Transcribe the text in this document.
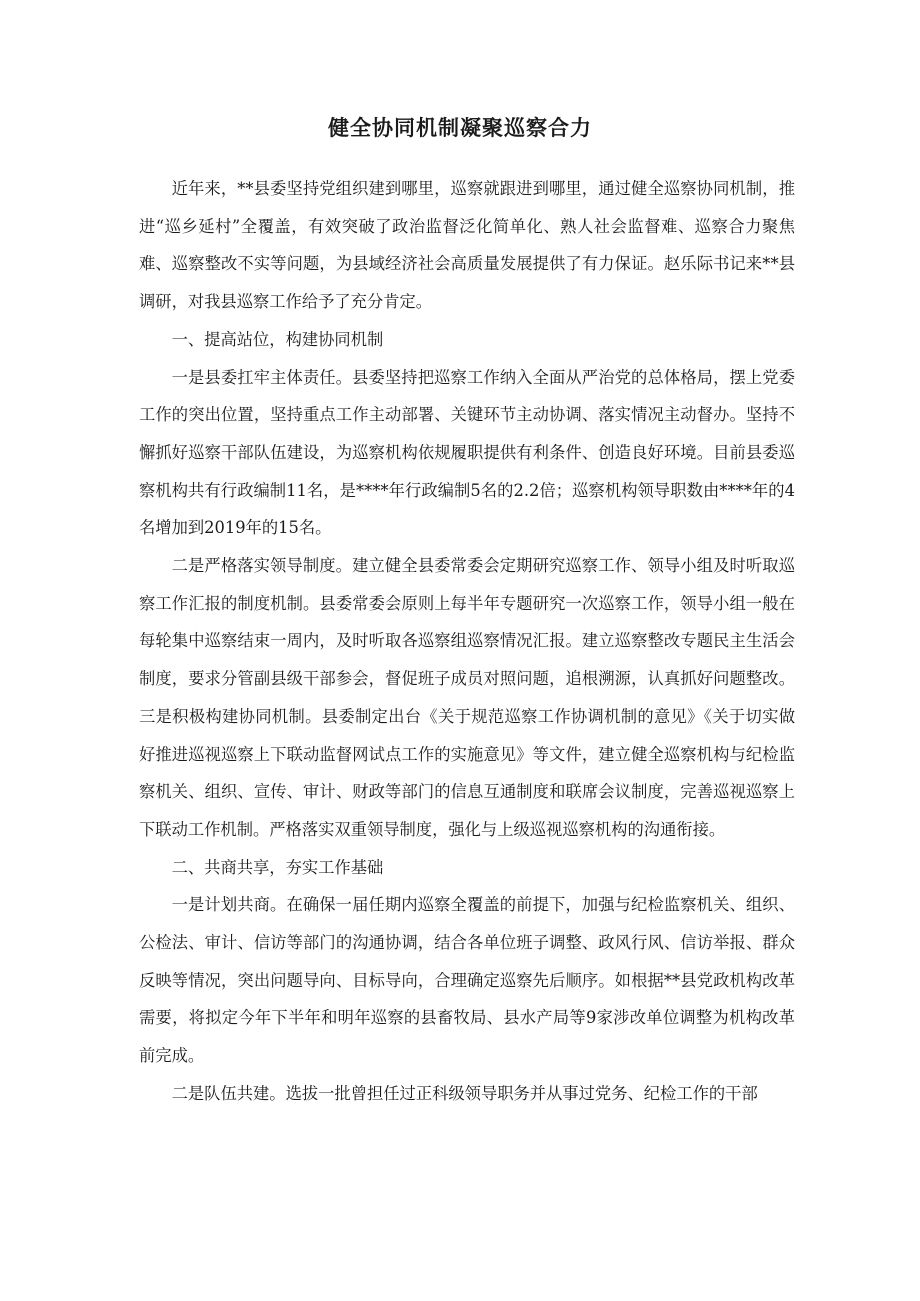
健全协同机制凝聚巡察合力

近年来，**县委坚持党组织建到哪里，巡察就跟进到哪里，通过健全巡察协同机制，推进“巡乡延村”全覆盖，有效突破了政治监督泛化简单化、熟人社会监督难、巡察合力聚焦难、巡察整改不实等问题，为县域经济社会高质量发展提供了有力保证。赵乐际书记来**县调研，对我县巡察工作给予了充分肯定。

一、提高站位，构建协同机制

一是县委扛牢主体责任。县委坚持把巡察工作纳入全面从严治党的总体格局，摆上党委工作的突出位置，坚持重点工作主动部署、关键环节主动协调、落实情况主动督办。坚持不懈抓好巡察干部队伍建设，为巡察机构依规履职提供有利条件、创造良好环境。目前县委巡察机构共有行政编制11名，是****年行政编制5名的2.2倍；巡察机构领导职数由****年的4名增加到2019年的15名。

二是严格落实领导制度。建立健全县委常委会定期研究巡察工作、领导小组及时听取巡察工作汇报的制度机制。县委常委会原则上每半年专题研究一次巡察工作，领导小组一般在每轮集中巡察结束一周内，及时听取各巡察组巡察情况汇报。建立巡察整改专题民主生活会制度，要求分管副县级干部参会，督促班子成员对照问题，追根溯源，认真抓好问题整改。三是积极构建协同机制。县委制定出台《关于规范巡察工作协调机制的意见》《关于切实做好推进巡视巡察上下联动监督网试点工作的实施意见》等文件，建立健全巡察机构与纪检监察机关、组织、宣传、审计、财政等部门的信息互通制度和联席会议制度，完善巡视巡察上下联动工作机制。严格落实双重领导制度，强化与上级巡视巡察机构的沟通衔接。

二、共商共享，夯实工作基础

一是计划共商。在确保一届任期内巡察全覆盖的前提下，加强与纪检监察机关、组织、公检法、审计、信访等部门的沟通协调，结合各单位班子调整、政风行风、信访举报、群众反映等情况，突出问题导向、目标导向，合理确定巡察先后顺序。如根据**县党政机构改革需要，将拟定今年下半年和明年巡察的县畜牧局、县水产局等9家涉改单位调整为机构改革前完成。

二是队伍共建。选拔一批曾担任过正科级领导职务并从事过党务、纪检工作的干部
